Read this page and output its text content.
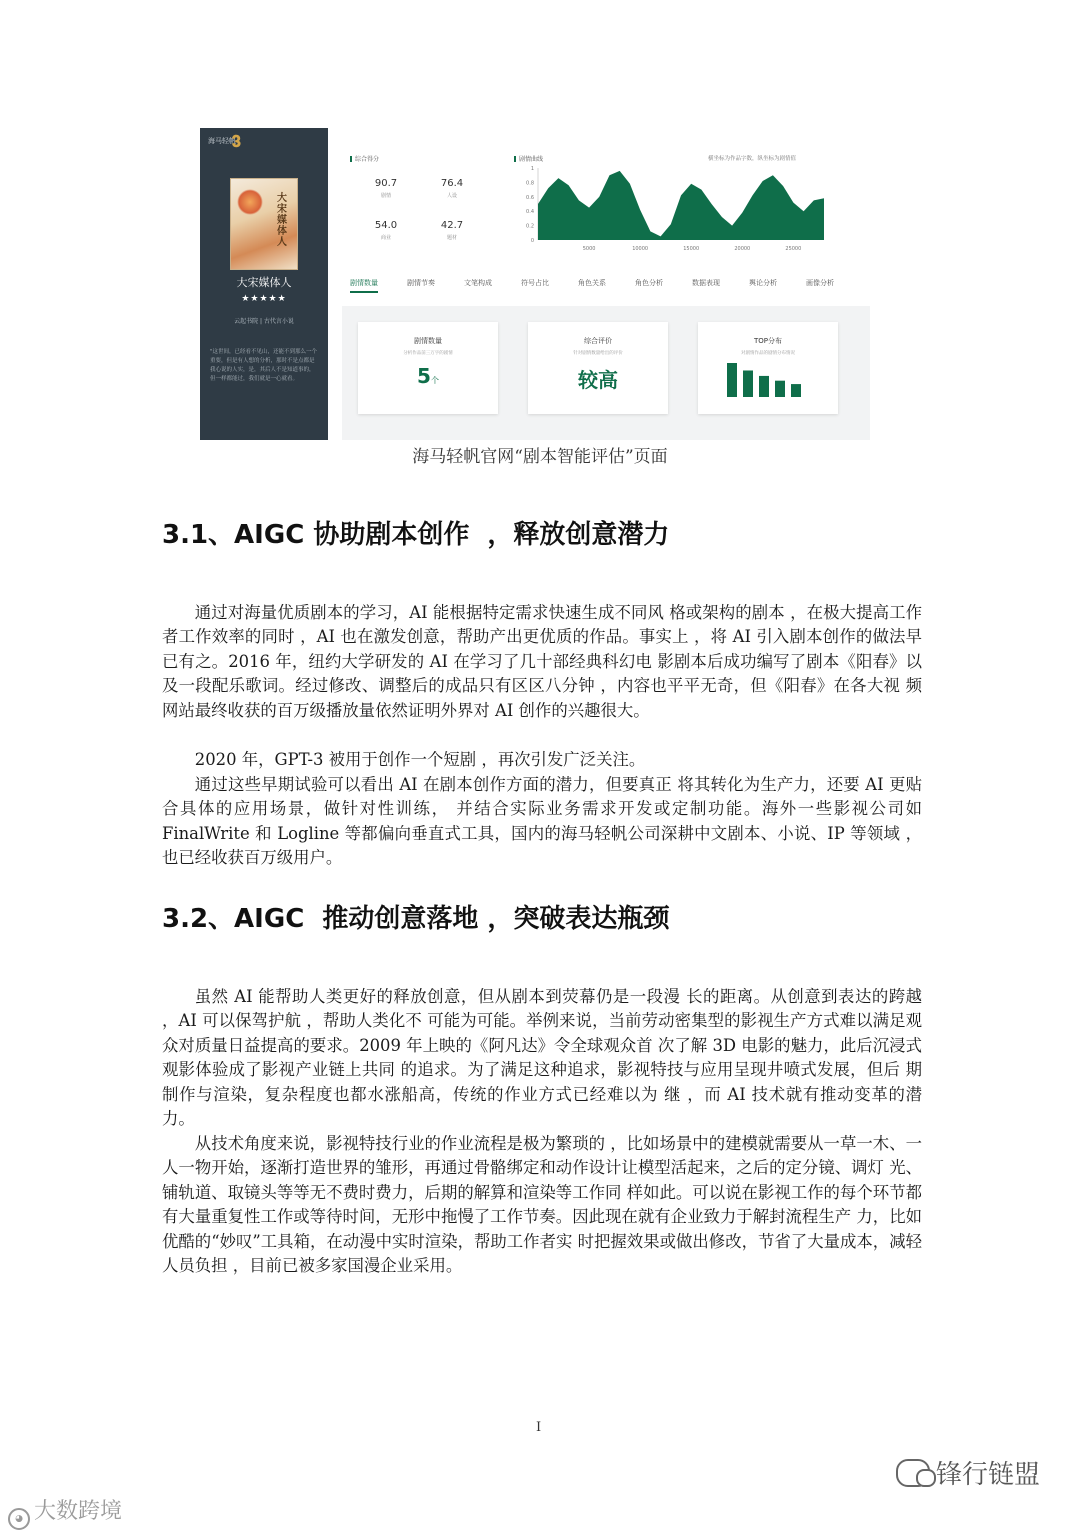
海马轻帆
𝟑
大宋媒体人
大宋媒体人
★★★★★
云起书院 | 古代言小说
"这世间，已经看不见山，还能不到那么一个重要，但是有人想的分析，那时不是点都是我心说的人实，是，其后人不是知道事的，但一样都能过，我们就是一心就看。
综合得分
90.7
剧情
76.4
人设
54.0
商业
42.7
题材
剧情曲线	横坐标为作品字数，纵坐标为剧情值
0
0.2
0.4
0.6
0.8
1
5000	10000	15000	20000	25000
剧情数量	剧情节奏	文笔构成	符号占比	角色关系	角色分析	数据表现	舆论分析	画像分析
剧情数量
分析作品前三万字的剧情
5个
综合评价
针对剧情数量给出的评价
较高
TOP分布
对剧情作品的剧情分布情况
海马轻帆官网“剧本智能评估”页面
3.1、AIGC 协助剧本创作  ，释放创意潜力

通过对海量优质剧本的学习，AI 能根据特定需求快速生成不同风 格或架构的剧本 ，在极大提高工作者工作效率的同时 ，AI 也在激发创意，帮助产出更优质的作品。事实上 ，将 AI 引入剧本创作的做法早已有之。2016 年，纽约大学研发的 AI 在学习了几十部经典科幻电 影剧本后成功编写了剧本《阳春》以及一段配乐歌词。经过修改、调整后的成品只有区区八分钟 ，内容也平平无奇，但《阳春》在各大视 频网站最终收获的百万级播放量依然证明外界对 AI 创作的兴趣很大。

2020 年，GPT-3 被用于创作一个短剧 ，再次引发广泛关注。

通过这些早期试验可以看出 AI 在剧本创作方面的潜力，但要真正 将其转化为生产力，还要 AI 更贴合具体的应用场景，做针对性训练， 并结合实际业务需求开发或定制功能。海外一些影视公司如 FinalWrite 和 Logline 等都偏向垂直式工具，国内的海马轻帆公司深耕中文剧本、小说、IP 等领域 ，也已经收获百万级用户。

3.2、AIGC  推动创意落地 ，突破表达瓶颈

虽然 AI 能帮助人类更好的释放创意，但从剧本到荧幕仍是一段漫 长的距离。从创意到表达的跨越 ，AI 可以保驾护航 ，帮助人类化不 可能为可能。举例来说，当前劳动密集型的影视生产方式难以满足观 众对质量日益提高的要求。2009 年上映的《阿凡达》令全球观众首 次了解 3D 电影的魅力，此后沉浸式观影体验成了影视产业链上共同 的追求。为了满足这种追求，影视特技与应用呈现井喷式发展，但后 期制作与渲染，复杂程度也都水涨船高，传统的作业方式已经难以为 继 ，而 AI 技术就有推动变革的潜力。

从技术角度来说，影视特技行业的作业流程是极为繁琐的 ，比如场景中的建模就需要从一草一木、一人一物开始，逐渐打造世界的雏形，再通过骨骼绑定和动作设计让模型活起来，之后的定分镜、调灯 光、铺轨道、取镜头等等无不费时费力，后期的解算和渲染等工作同 样如此。可以说在影视工作的每个环节都有大量重复性工作或等待时间，无形中拖慢了工作节奏。因此现在就有企业致力于解封流程生产 力，比如优酷的“妙叹”工具箱，在动漫中实时渲染，帮助工作者实 时把握效果或做出修改，节省了大量成本，减轻人员负担 ，目前已被多家国漫企业采用。

I
◕ 大数跨境
锋行链盟
